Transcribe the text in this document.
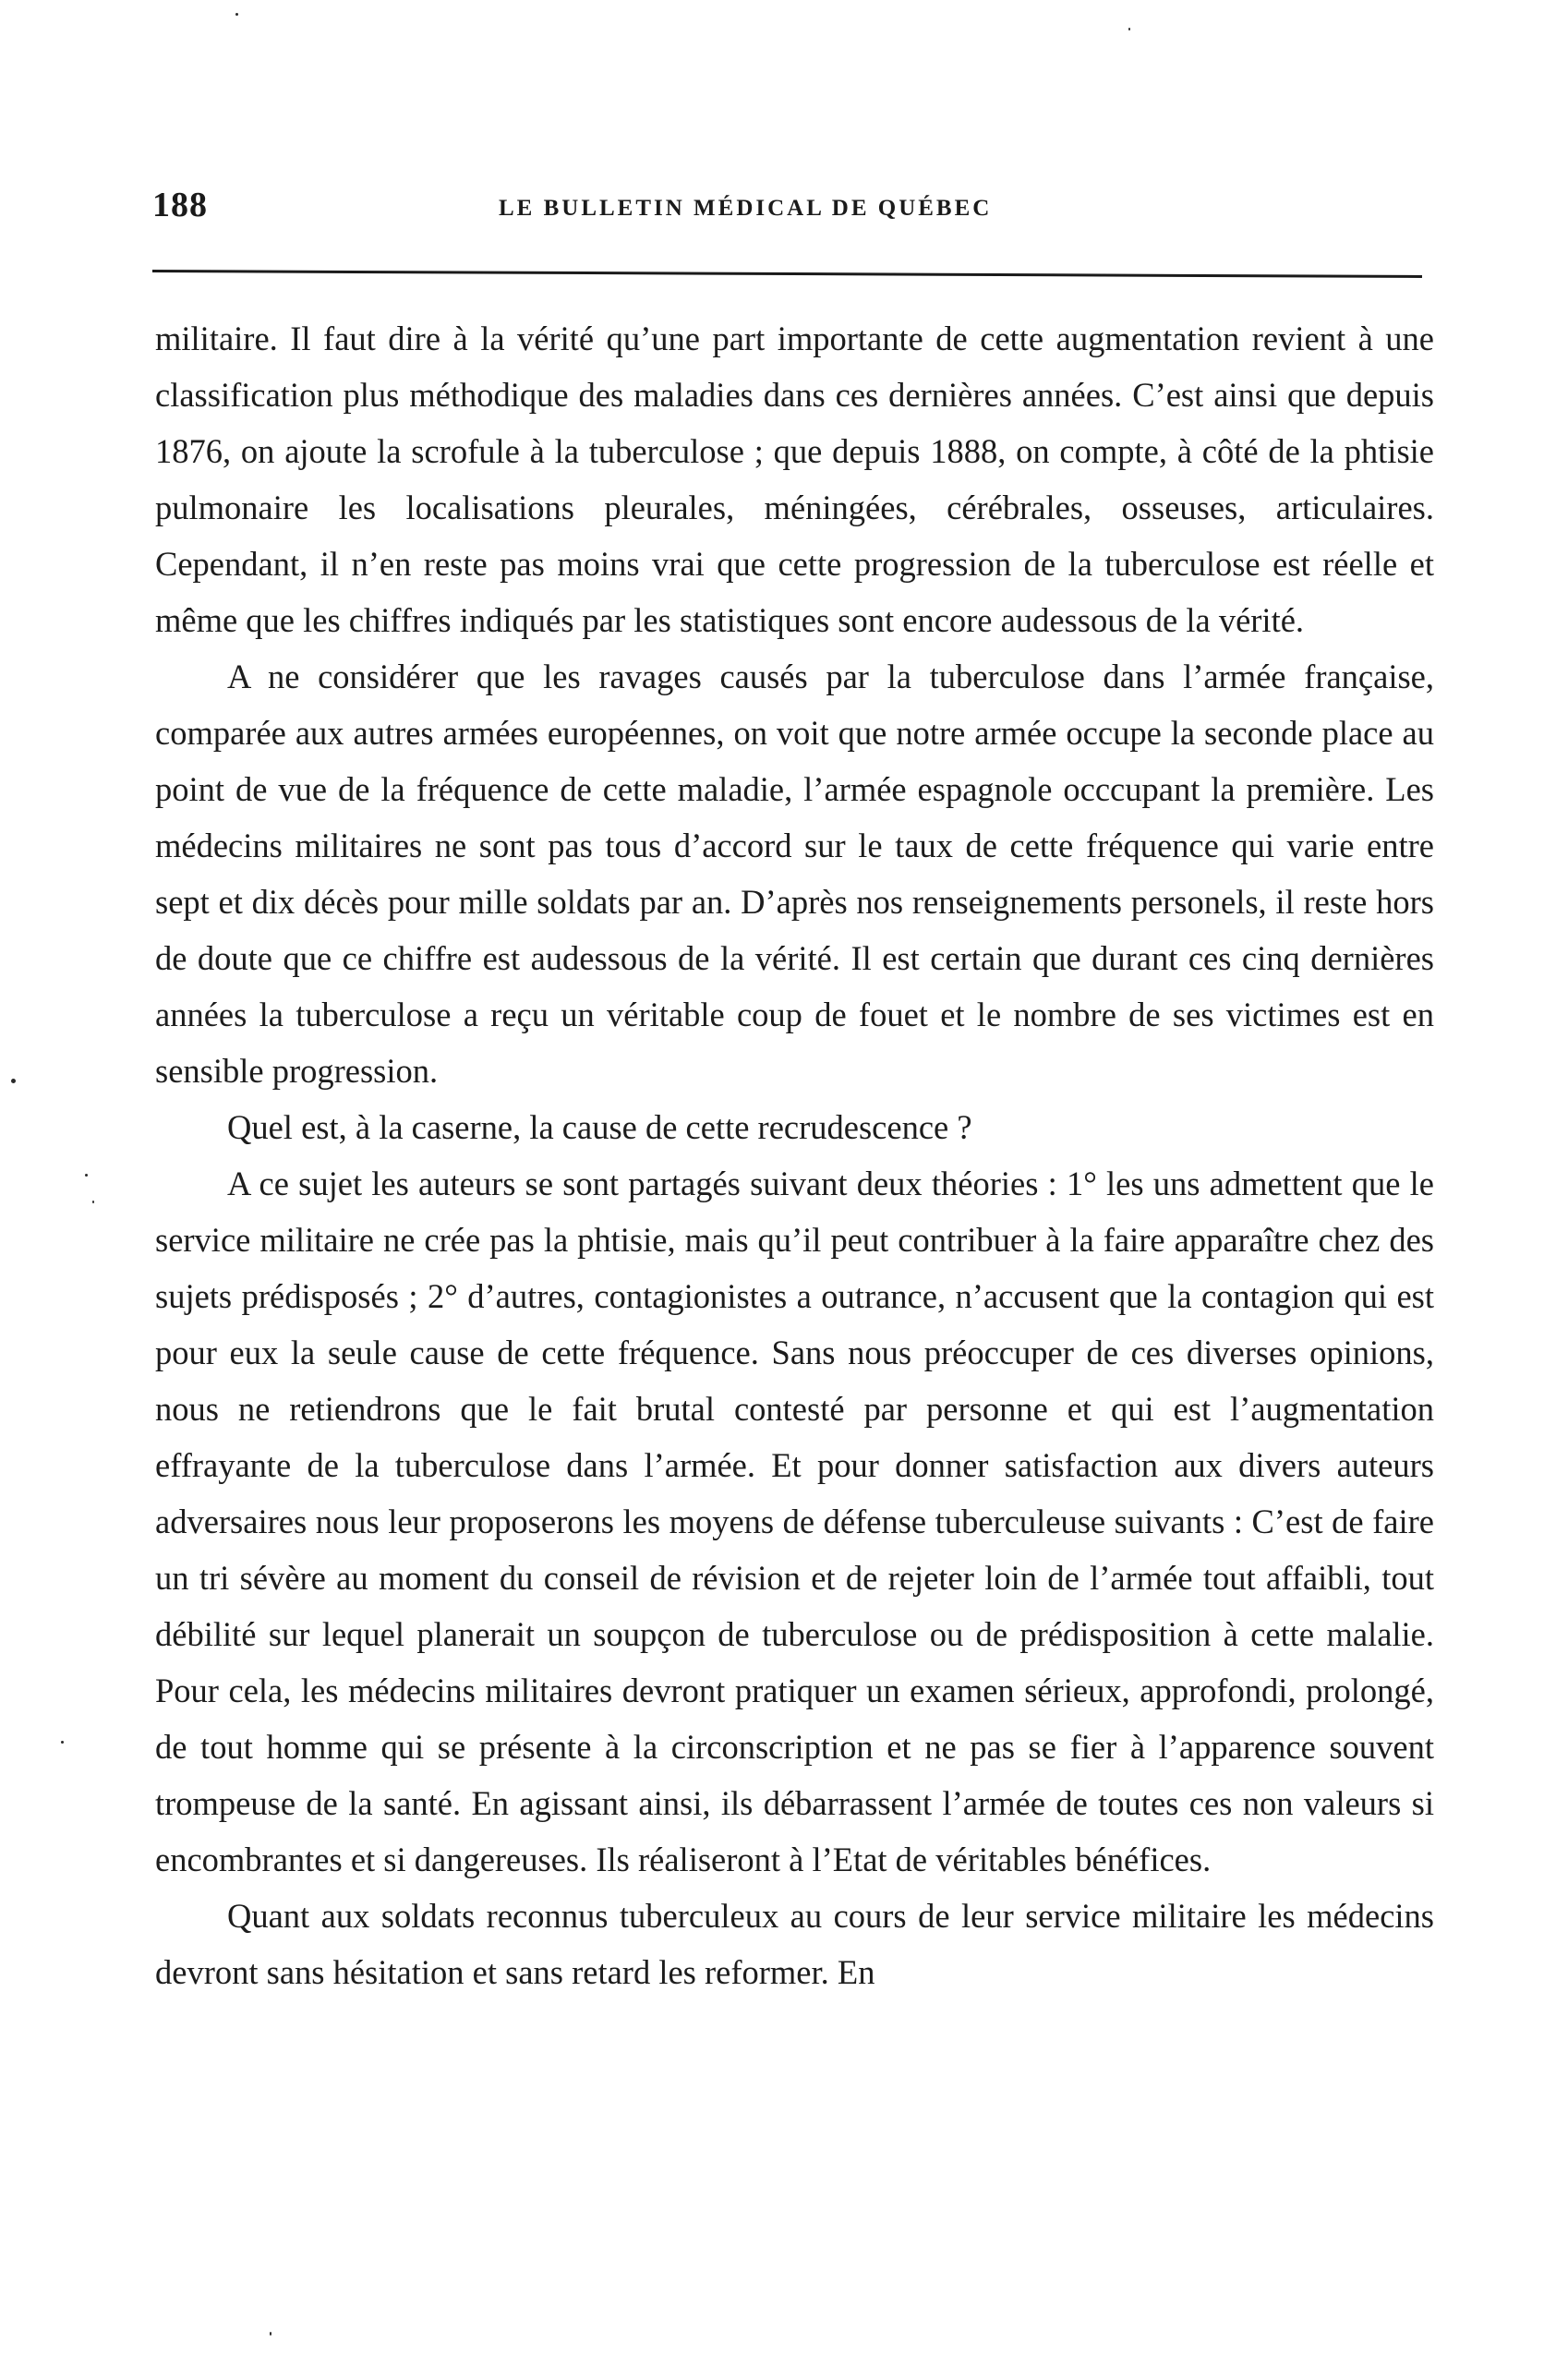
188	LE BULLETIN MÉDICAL DE QUÉBEC

militaire. Il faut dire à la vérité qu’une part importante de cette augmentation revient à une classification plus méthodique des maladies dans ces dernières années. C’est ainsi que depuis 1876, on ajoute la scrofule à la tuberculose ; que depuis 1888, on compte, à côté de la phtisie pulmonaire les localisations pleurales, méningées, cérébrales, osseuses, articulaires. Cependant, il n’en reste pas moins vrai que cette progression de la tuberculose est réelle et même que les chiffres indiqués par les statistiques sont encore audessous de la vérité.

A ne considérer que les ravages causés par la tuberculose dans l’armée française, comparée aux autres armées européennes, on voit que notre armée occupe la seconde place au point de vue de la fréquence de cette maladie, l’armée espagnole occcupant la première. Les médecins militaires ne sont pas tous d’accord sur le taux de cette fréquence qui varie entre sept et dix décès pour mille soldats par an. D’après nos renseignements personels, il reste hors de doute que ce chiffre est audessous de la vérité. Il est certain que durant ces cinq dernières années la tuberculose a reçu un véritable coup de fouet et le nombre de ses victimes est en sensible progression.

Quel est, à la caserne, la cause de cette recrudescence ?

A ce sujet les auteurs se sont partagés suivant deux théories : 1° les uns admettent que le service militaire ne crée pas la phtisie, mais qu’il peut contribuer à la faire apparaître chez des sujets prédisposés ; 2° d’autres, contagionistes a outrance, n’accusent que la contagion qui est pour eux la seule cause de cette fréquence. Sans nous préoccuper de ces diverses opinions, nous ne retiendrons que le fait brutal contesté par personne et qui est l’augmentation effrayante de la tuberculose dans l’armée. Et pour donner satisfaction aux divers auteurs adversaires nous leur proposerons les moyens de défense tuberculeuse suivants : C’est de faire un tri sévère au moment du conseil de révision et de rejeter loin de l’armée tout affaibli, tout débilité sur lequel planerait un soupçon de tuberculose ou de prédisposition à cette malalie. Pour cela, les médecins militaires devront pratiquer un examen sérieux, approfondi, prolongé, de tout homme qui se présente à la circonscription et ne pas se fier à l’apparence souvent trompeuse de la santé. En agissant ainsi, ils débarrassent l’armée de toutes ces non valeurs si encombrantes et si dangereuses. Ils réaliseront à l’Etat de véritables bénéfices.

Quant aux soldats reconnus tuberculeux au cours de leur service militaire les médecins devront sans hésitation et sans retard les reformer. En
